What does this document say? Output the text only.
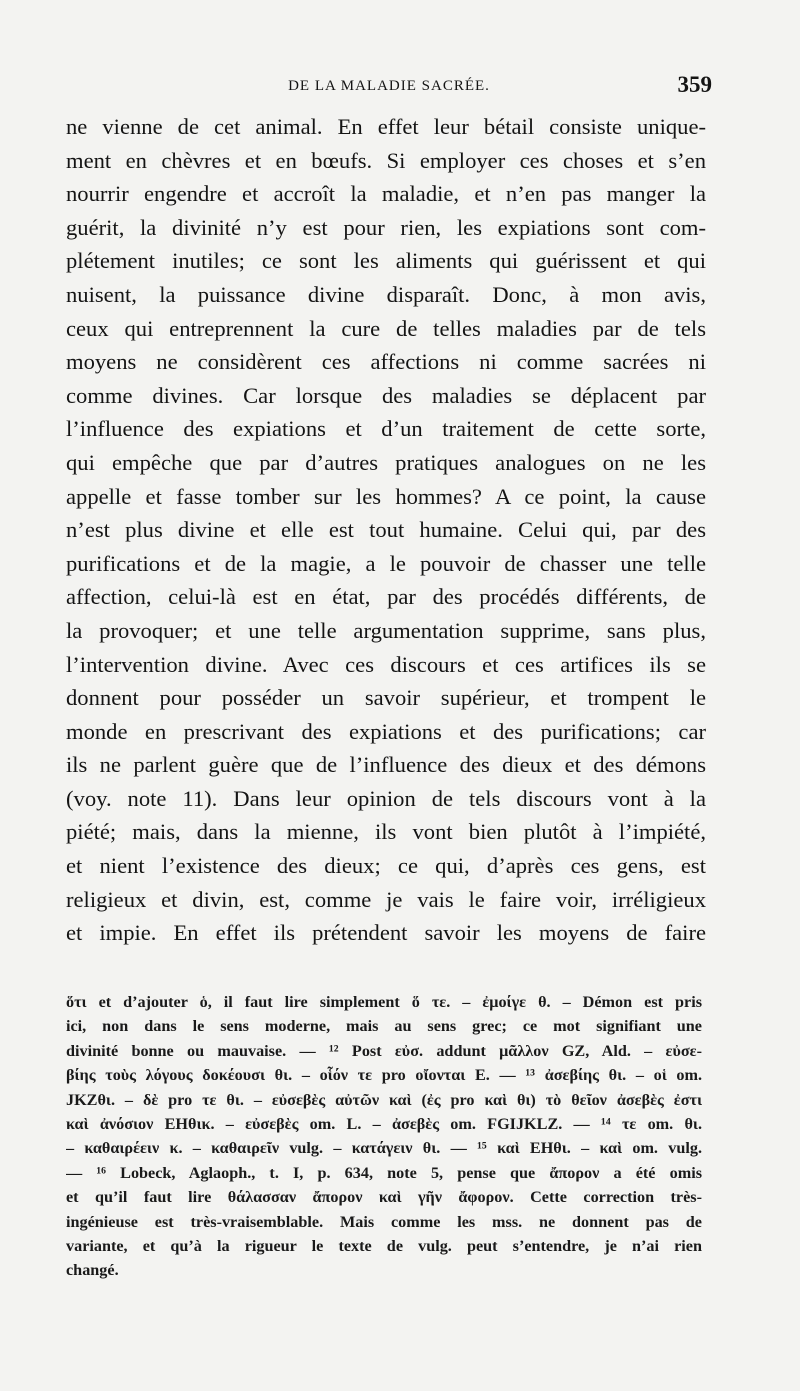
DE LA MALADIE SACRÉE.	359
ne vienne de cet animal. En effet leur bétail consiste unique-
ment en chèvres et en bœufs. Si employer ces choses et s’en
nourrir engendre et accroît la maladie, et n’en pas manger la
guérit, la divinité n’y est pour rien, les expiations sont com-
plétement inutiles; ce sont les aliments qui guérissent et qui
nuisent, la puissance divine disparaît. Donc, à mon avis,
ceux qui entreprennent la cure de telles maladies par de tels
moyens ne considèrent ces affections ni comme sacrées ni
comme divines. Car lorsque des maladies se déplacent par
l’influence des expiations et d’un traitement de cette sorte,
qui empêche que par d’autres pratiques analogues on ne les
appelle et fasse tomber sur les hommes? A ce point, la cause
n’est plus divine et elle est tout humaine. Celui qui, par des
purifications et de la magie, a le pouvoir de chasser une telle
affection, celui-là est en état, par des procédés différents, de
la provoquer; et une telle argumentation supprime, sans plus,
l’intervention divine. Avec ces discours et ces artifices ils se
donnent pour posséder un savoir supérieur, et trompent le
monde en prescrivant des expiations et des purifications; car
ils ne parlent guère que de l’influence des dieux et des démons
(voy. note 11). Dans leur opinion de tels discours vont à la
piété; mais, dans la mienne, ils vont bien plutôt à l’impiété,
et nient l’existence des dieux; ce qui, d’après ces gens, est
religieux et divin, est, comme je vais le faire voir, irréligieux
et impie. En effet ils prétendent savoir les moyens de faire
ὅτι et d’ajouter ὁ, il faut lire simplement ὅ τε. – ἐμοίγε θ. – Démon est pris
ici, non dans le sens moderne, mais au sens grec; ce mot signifiant une
divinité bonne ou mauvaise. — ¹² Post εὐσ. addunt μᾶλλον GZ, Ald. – εὐσε-
βίης τοὺς λόγους δοκέουσι θι. – οἷόν τε pro οἴονται E. — ¹³ ἀσεβίης θι. – οἱ om.
JKZθι. – δὲ pro τε θι. – εὐσεβὲς αὐτῶν καὶ (ἐς pro καὶ θι) τὸ θεῖον ἀσεβὲς ἐστι
καὶ ἀνόσιον EHθικ. – εὐσεβὲς om. L. – ἀσεβὲς om. FGIJKLZ. — ¹⁴ τε om. θι.
– καθαιρέειν κ. – καθαιρεῖν vulg. – κατάγειν θι. — ¹⁵ καὶ EHθι. – καὶ om. vulg.
— ¹⁶ Lobeck, Aglaoph., t. I, p. 634, note 5, pense que ἄπορον a été omis
et qu’il faut lire θάλασσαν ἄπορον καὶ γῆν ἄφορον. Cette correction très-
ingénieuse est très-vraisemblable. Mais comme les mss. ne donnent pas de
variante, et qu’à la rigueur le texte de vulg. peut s’entendre, je n’ai rien
changé.
